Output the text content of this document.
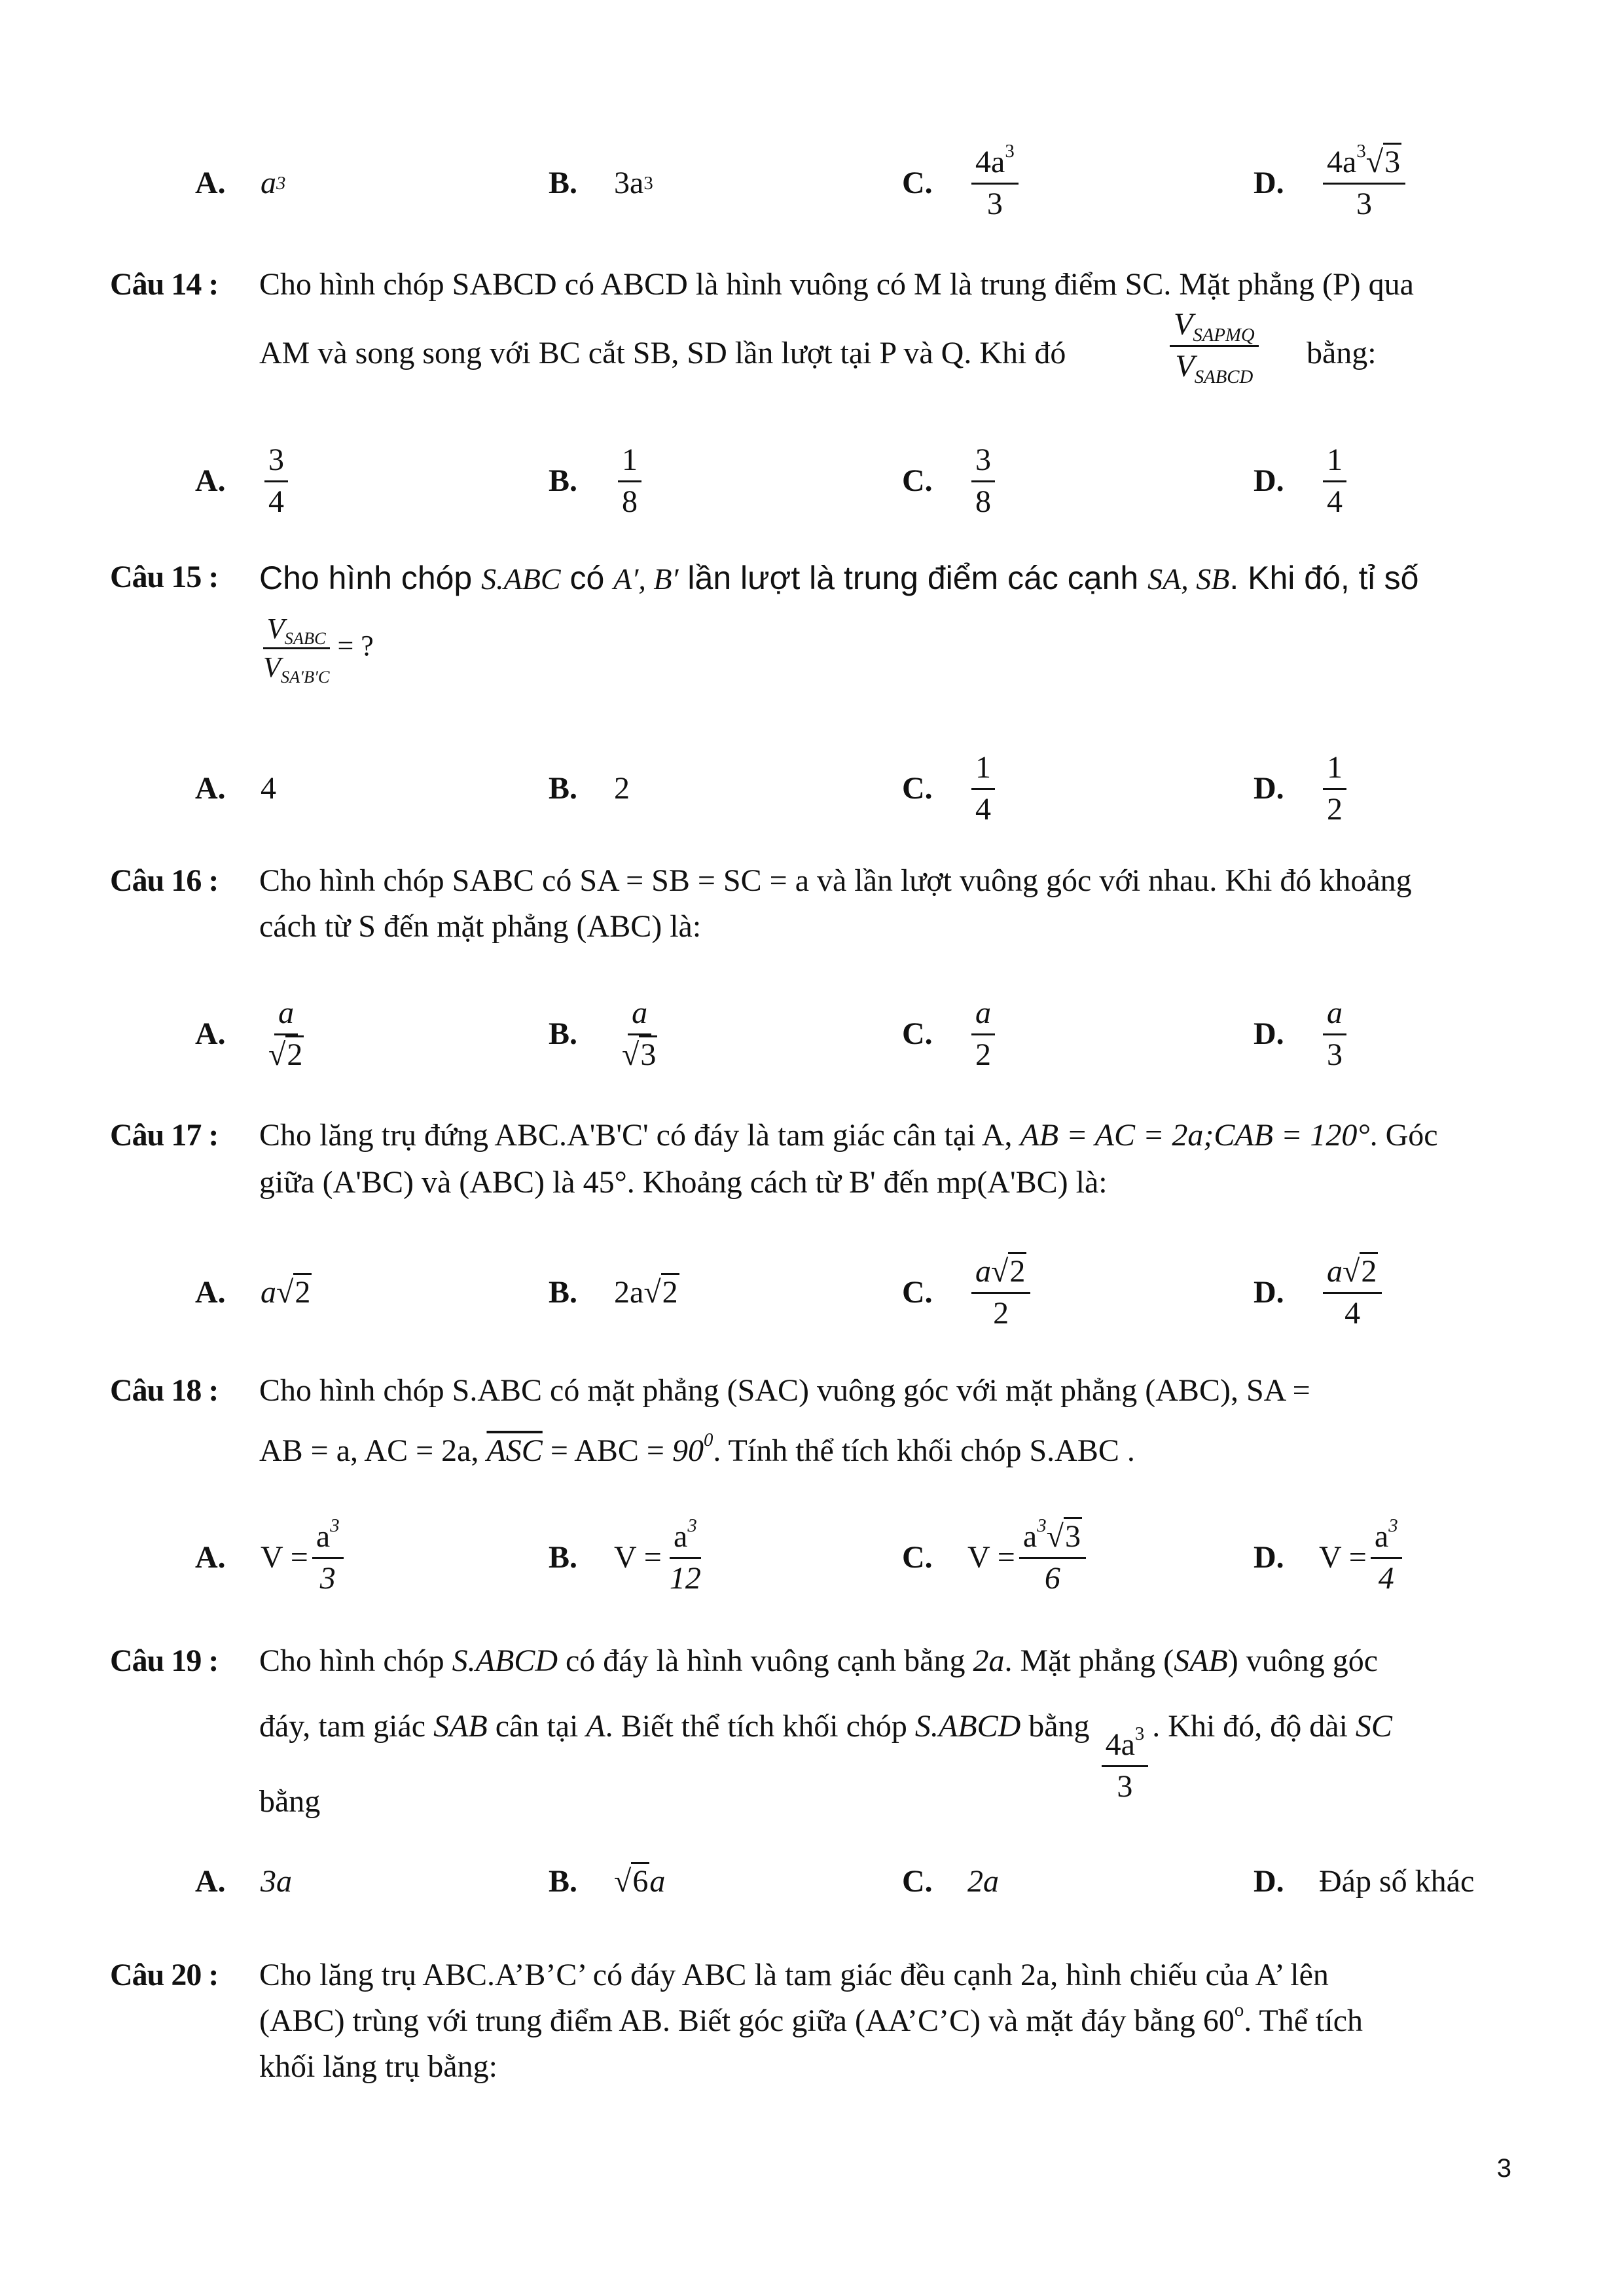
A.	a 3	B.	3a 3	C.	$\frac{4a^3}{3}$	D.	$\frac{4a^3√3}{3}$
Câu 14 : Cho hình chóp SABCD có ABCD là hình vuông có M là trung điểm SC. Mặt phẳng (P) qua
AM và song song với BC cắt SB, SD lần lượt tại P và Q. Khi đó
$V_{SAPMQ}$
$V_{SABCD}$
bằng:
A.	$\frac{3}{4}$	B.	$\frac{1}{8}$	C.	$\frac{3}{8}$	D.	$\frac{1}{4}$
Câu 15 : Cho hình chóp S.ABC có A′, B′ lần lượt là trung điểm các cạnh SA, SB. Khi đó, tỉ số
$\frac{V_{SABC}}{V_{SA'B'C}}$ = ?
A.	4	B.	2	C.	$\frac{1}{4}$	D.	$\frac{1}{2}$
Câu 16 : Cho hình chóp SABC có SA = SB = SC = a và lần lượt vuông góc với nhau. Khi đó khoảng
cách từ S đến mặt phẳng (ABC) là:
A.	$\frac{a}{√2}$	B.	$\frac{a}{√3}$	C.	$\frac{a}{2}$	D.	$\frac{a}{3}$
Câu 17 : Cho lăng trụ đứng ABC.A'B'C' có đáy là tam giác cân tại A, AB = AC = 2a;CAB = 120°. Góc
giữa (A'BC) và (ABC) là 45°. Khoảng cách từ B' đến mp(A'BC) là:
A.	a √2	B.	2a √2	C.	$\frac{a√2}{2}$	D.	$\frac{a√2}{4}$
Câu 18 : Cho hình chóp S.ABC có mặt phẳng (SAC) vuông góc với mặt phẳng (ABC), SA =
AB = a, AC = 2a, $\overline{ASC}$ = ABC = $90^0$. Tính thể tích khối chóp S.ABC .
A.	$V = \frac{a^3}{3}$	B.	$V = \frac{a^3}{12}$	C.	$V = \frac{a^3√3}{6}$	D.	$V = \frac{a^3}{4}$
Câu 19 : Cho hình chóp S.ABCD có đáy là hình vuông cạnh bằng 2a. Mặt phẳng (SAB) vuông góc
đáy, tam giác SAB cân tại A. Biết thể tích khối chóp S.ABCD bằng
$\frac{4a^3}{3}$
. Khi đó, độ dài SC
bằng
A.	3a	B.	√6 a	C.	2a	D.	Đáp số khác
Câu 20 : Cho lăng trụ ABC.A’B’C’ có đáy ABC là tam giác đều cạnh 2a, hình chiếu của A’ lên
(ABC) trùng với trung điểm AB. Biết góc giữa (AA’C’C) và mặt đáy bằng 60$^o$. Thể tích
khối lăng trụ bằng:
3
